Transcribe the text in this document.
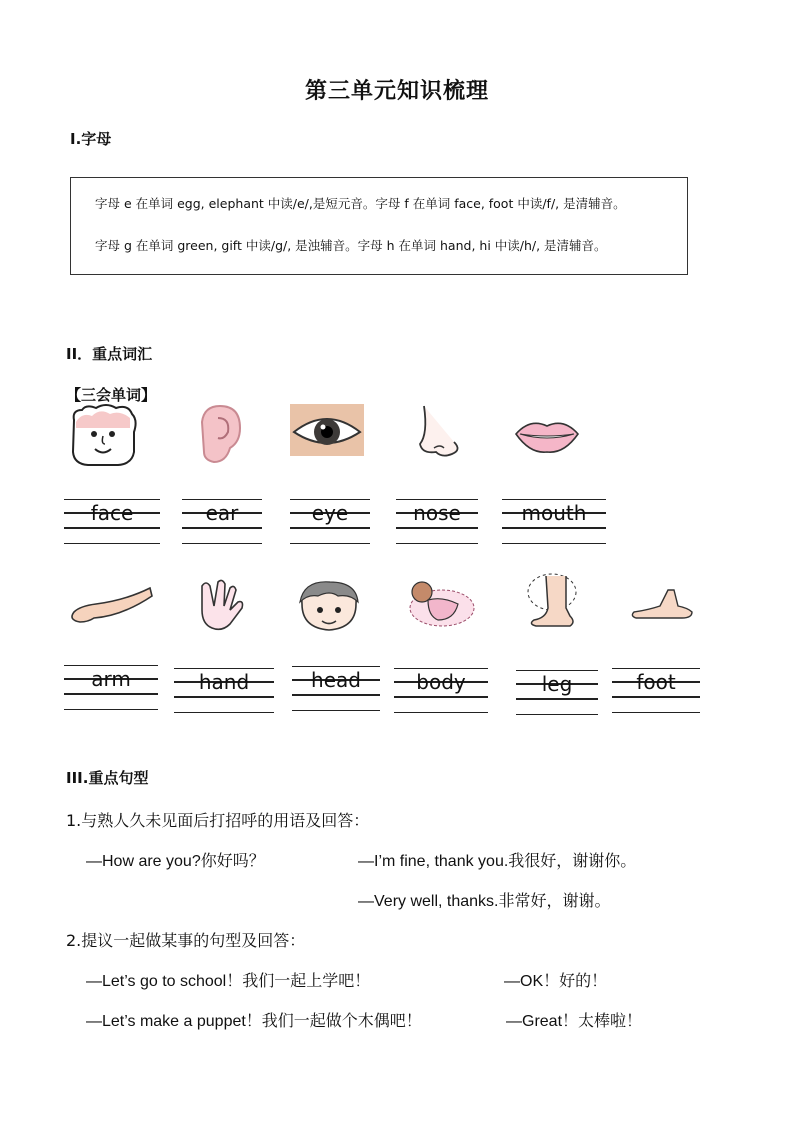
第三单元知识梳理
Ⅰ.字母

字母 e 在单词 egg, elephant 中读/e/,是短元音。字母 f 在单词 face, foot 中读/f/, 是清辅音。

字母 g 在单词 green, gift 中读/g/, 是浊辅音。字母 h 在单词 hand, hi 中读/h/, 是清辅音。

II．重点词汇
【三会单词】
face	ear	eye	nose	mouth
arm	hand	head	body	leg	foot
III.重点句型
1.与熟人久未见面后打招呼的用语及回答：
—How are you?你好吗？	—I’m fine, thank you.我很好，谢谢你。
—Very well, thanks.非常好，谢谢。
2.提议一起做某事的句型及回答：
—Let’s go to school！我们一起上学吧！	—OK！好的！
—Let’s make a puppet！我们一起做个木偶吧！	—Great！太棒啦！
